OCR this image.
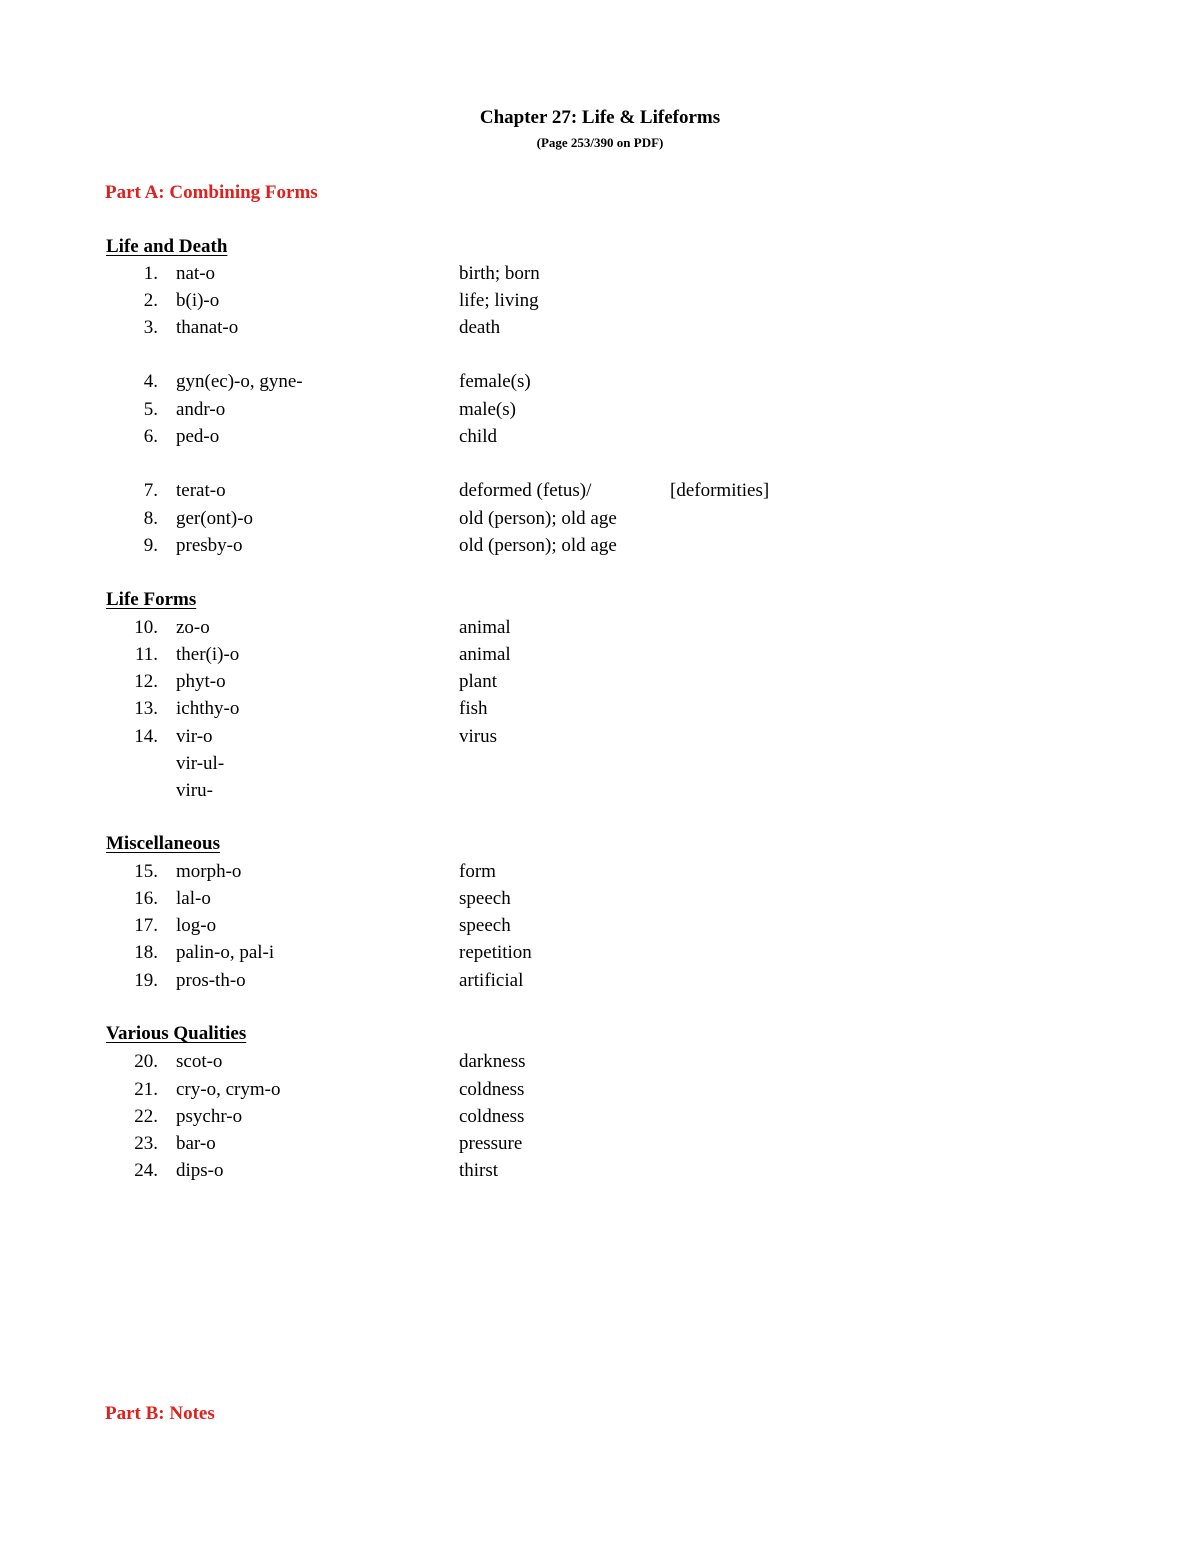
Chapter 27: Life & Lifeforms
(Page 253/390 on PDF)
Part A: Combining Forms
Life and Death
1. nat-o	birth; born
2. b(i)-o	life; living
3. thanat-o	death
4. gyn(ec)-o, gyne-	female(s)
5. andr-o	male(s)
6. ped-o	child
7. terat-o	deformed (fetus)/	[deformities]
8. ger(ont)-o	old (person); old age
9. presby-o	old (person); old age
Life Forms
10. zo-o	animal
11. ther(i)-o	animal
12. phyt-o	plant
13. ichthy-o	fish
14. vir-o	virus
vir-ul-
viru-
Miscellaneous
15. morph-o	form
16. lal-o	speech
17. log-o	speech
18. palin-o, pal-i	repetition
19. pros-th-o	artificial
Various Qualities
20. scot-o	darkness
21. cry-o, crym-o	coldness
22. psychr-o	coldness
23. bar-o	pressure
24. dips-o	thirst
Part B: Notes
